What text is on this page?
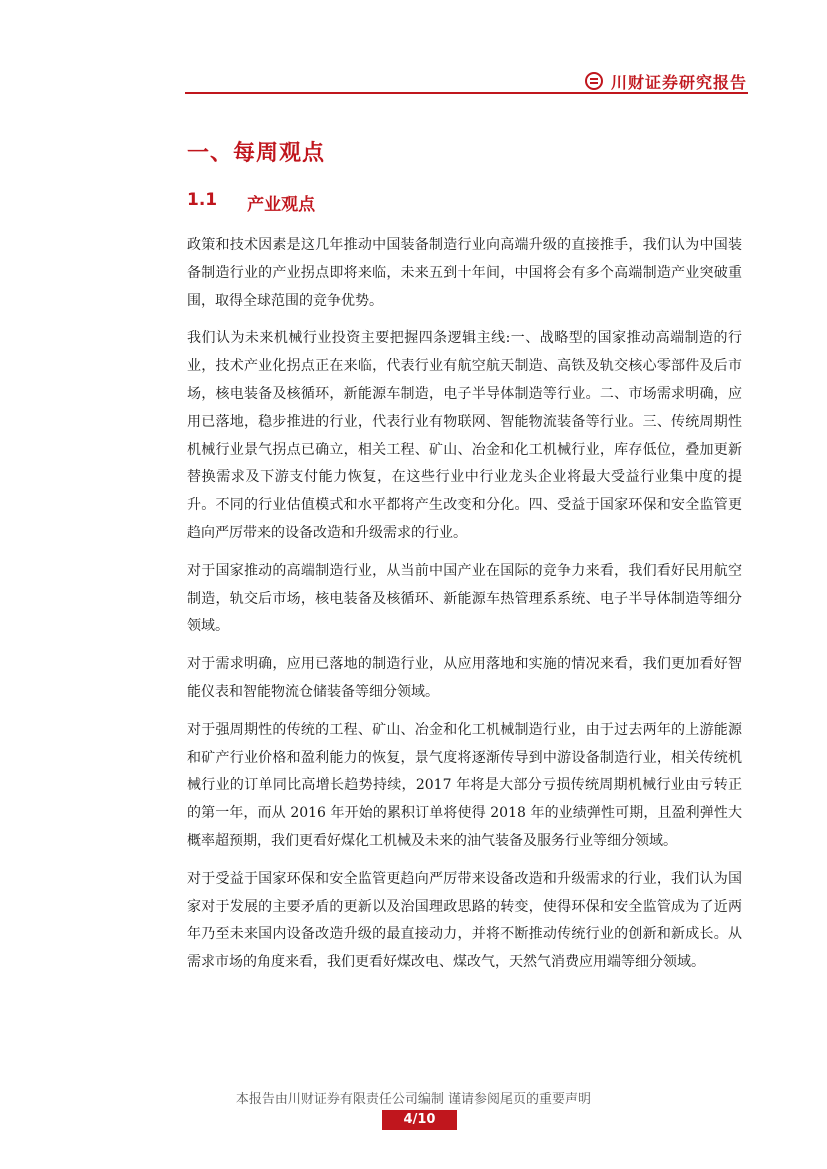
川财证券研究报告
一、每周观点
1.1 产业观点

政策和技术因素是这几年推动中国装备制造行业向高端升级的直接推手，我们认为中国装备制造行业的产业拐点即将来临，未来五到十年间，中国将会有多个高端制造产业突破重围，取得全球范围的竞争优势。

我们认为未来机械行业投资主要把握四条逻辑主线:一、战略型的国家推动高端制造的行业，技术产业化拐点正在来临，代表行业有航空航天制造、高铁及轨交核心零部件及后市场，核电装备及核循环，新能源车制造，电子半导体制造等行业。二、市场需求明确，应用已落地，稳步推进的行业，代表行业有物联网、智能物流装备等行业。三、传统周期性机械行业景气拐点已确立，相关工程、矿山、冶金和化工机械行业，库存低位，叠加更新替换需求及下游支付能力恢复，在这些行业中行业龙头企业将最大受益行业集中度的提升。不同的行业估值模式和水平都将产生改变和分化。四、受益于国家环保和安全监管更趋向严厉带来的设备改造和升级需求的行业。

对于国家推动的高端制造行业，从当前中国产业在国际的竞争力来看，我们看好民用航空制造，轨交后市场，核电装备及核循环、新能源车热管理系系统、电子半导体制造等细分领域。

对于需求明确，应用已落地的制造行业，从应用落地和实施的情况来看，我们更加看好智能仪表和智能物流仓储装备等细分领域。

对于强周期性的传统的工程、矿山、冶金和化工机械制造行业，由于过去两年的上游能源和矿产行业价格和盈利能力的恢复，景气度将逐渐传导到中游设备制造行业，相关传统机械行业的订单同比高增长趋势持续，2017 年将是大部分亏损传统周期机械行业由亏转正的第一年，而从 2016 年开始的累积订单将使得 2018 年的业绩弹性可期，且盈利弹性大概率超预期，我们更看好煤化工机械及未来的油气装备及服务行业等细分领域。

对于受益于国家环保和安全监管更趋向严厉带来设备改造和升级需求的行业，我们认为国家对于发展的主要矛盾的更新以及治国理政思路的转变，使得环保和安全监管成为了近两年乃至未来国内设备改造升级的最直接动力，并将不断推动传统行业的创新和新成长。从需求市场的角度来看，我们更看好煤改电、煤改气，天然气消费应用端等细分领域。

本报告由川财证券有限责任公司编制 谨请参阅尾页的重要声明
4/10
